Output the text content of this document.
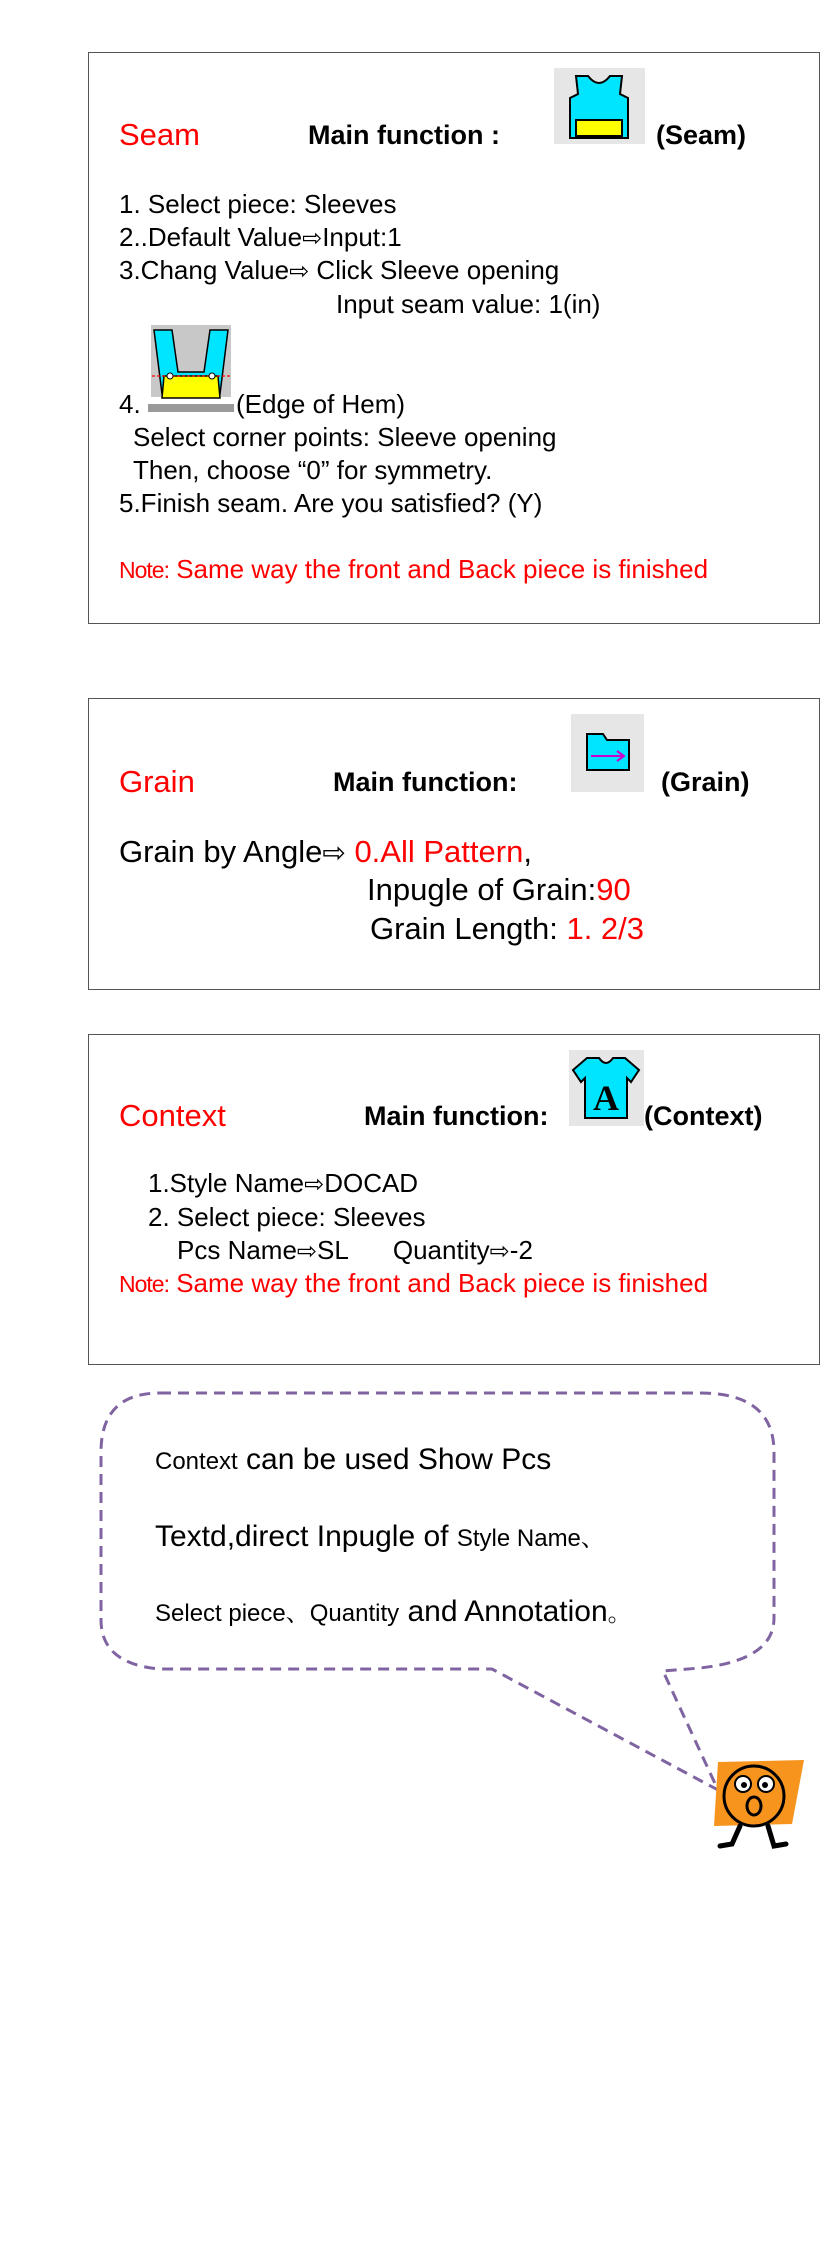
Seam	Main function :	(Seam)
1. Select piece: Sleeves
2..Default Value⇨Input:1
3.Chang Value⇨ Click Sleeve opening
Input seam value: 1(in)
4.	(Edge of Hem)
Select corner points: Sleeve opening
Then, choose “0” for symmetry.
5.Finish seam. Are you satisfied? (Y)
Note: Same way the front and Back piece is finished
Grain	Main function:	(Grain)
Grain by Angle⇨ 0.All Pattern,
Inpugle of Grain:90
Grain Length: 1. 2/3
Context	Main function: A (Context)
1.Style Name⇨DOCAD
2. Select piece: Sleeves
Pcs Name⇨SL Quantity⇨-2
Note: Same way the front and Back piece is finished
Context can be used Show Pcs
Textd,direct Inpugle of Style Name、
Select piece、Quantity and Annotation。
